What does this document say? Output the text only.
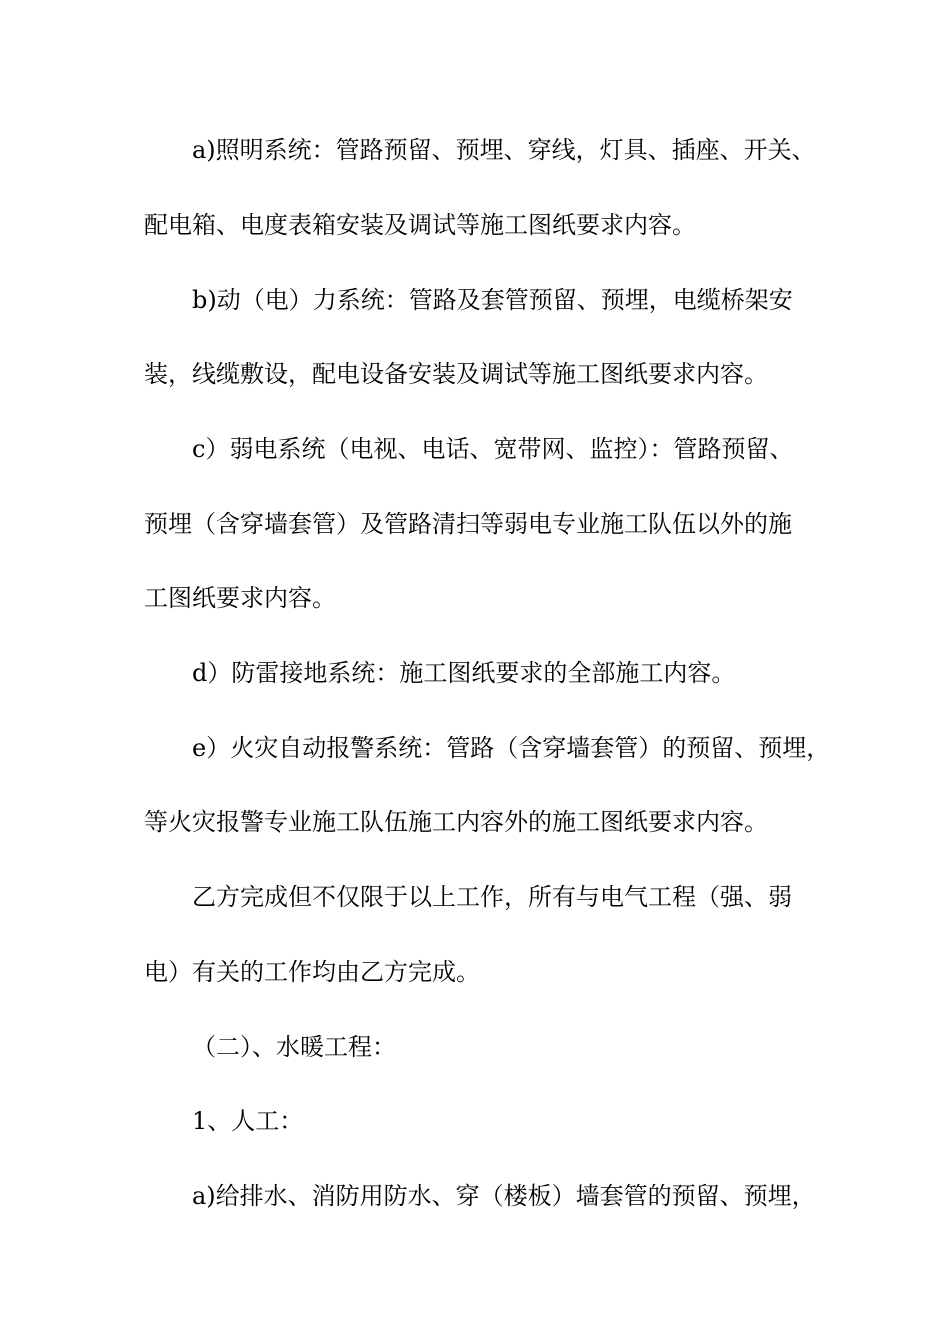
a)照明系统：管路预留、预埋、穿线，灯具、插座、开关、
配电箱、电度表箱安装及调试等施工图纸要求内容。
b)动（电）力系统：管路及套管预留、预埋，电缆桥架安
装，线缆敷设，配电设备安装及调试等施工图纸要求内容。
c）弱电系统（电视、电话、宽带网、监控）：管路预留、
预埋（含穿墙套管）及管路清扫等弱电专业施工队伍以外的施
工图纸要求内容。
d）防雷接地系统：施工图纸要求的全部施工内容。
e）火灾自动报警系统：管路（含穿墙套管）的预留、预埋，
等火灾报警专业施工队伍施工内容外的施工图纸要求内容。
乙方完成但不仅限于以上工作，所有与电气工程（强、弱
电）有关的工作均由乙方完成。
（二）、水暖工程：
1、人工：
a)给排水、消防用防水、穿（楼板）墙套管的预留、预埋，
